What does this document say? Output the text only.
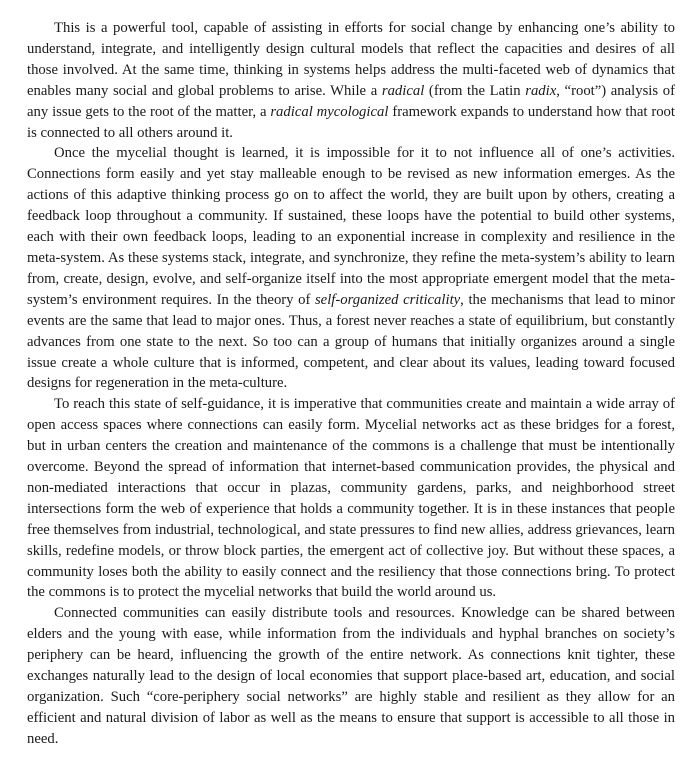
This is a powerful tool, capable of assisting in efforts for social change by enhancing one’s ability to understand, integrate, and intelligently design cultural models that reflect the capacities and desires of all those involved. At the same time, thinking in systems helps address the multi-faceted web of dynamics that enables many social and global problems to arise. While a radical (from the Latin radix, “root”) analysis of any issue gets to the root of the matter, a radical mycological framework expands to understand how that root is connected to all others around it.

Once the mycelial thought is learned, it is impossible for it to not influence all of one’s activities. Connections form easily and yet stay malleable enough to be revised as new information emerges. As the actions of this adaptive thinking process go on to affect the world, they are built upon by others, creating a feedback loop throughout a community. If sustained, these loops have the potential to build other systems, each with their own feedback loops, leading to an exponential increase in complexity and resilience in the meta-system. As these systems stack, integrate, and synchronize, they refine the meta-system’s ability to learn from, create, design, evolve, and self-organize itself into the most appropriate emergent model that the meta-system’s environment requires. In the theory of self-organized criticality, the mechanisms that lead to minor events are the same that lead to major ones. Thus, a forest never reaches a state of equilibrium, but constantly advances from one state to the next. So too can a group of humans that initially organizes around a single issue create a whole culture that is informed, competent, and clear about its values, leading toward focused designs for regeneration in the meta-culture.

To reach this state of self-guidance, it is imperative that communities create and maintain a wide array of open access spaces where connections can easily form. Mycelial networks act as these bridges for a forest, but in urban centers the creation and maintenance of the commons is a challenge that must be intentionally overcome. Beyond the spread of information that internet-based communication provides, the physical and non-mediated interactions that occur in plazas, community gardens, parks, and neighborhood street intersections form the web of experience that holds a community together. It is in these instances that people free themselves from industrial, technological, and state pressures to find new allies, address grievances, learn skills, redefine models, or throw block parties, the emergent act of collective joy. But without these spaces, a community loses both the ability to easily connect and the resiliency that those connections bring. To protect the commons is to protect the mycelial networks that build the world around us.

Connected communities can easily distribute tools and resources. Knowledge can be shared between elders and the young with ease, while information from the individuals and hyphal branches on society’s periphery can be heard, influencing the growth of the entire network. As connections knit tighter, these exchanges naturally lead to the design of local economies that support place-based art, education, and social organization. Such “core-periphery social networks” are highly stable and resilient as they allow for an efficient and natural division of labor as well as the means to ensure that support is accessible to all those in need.
